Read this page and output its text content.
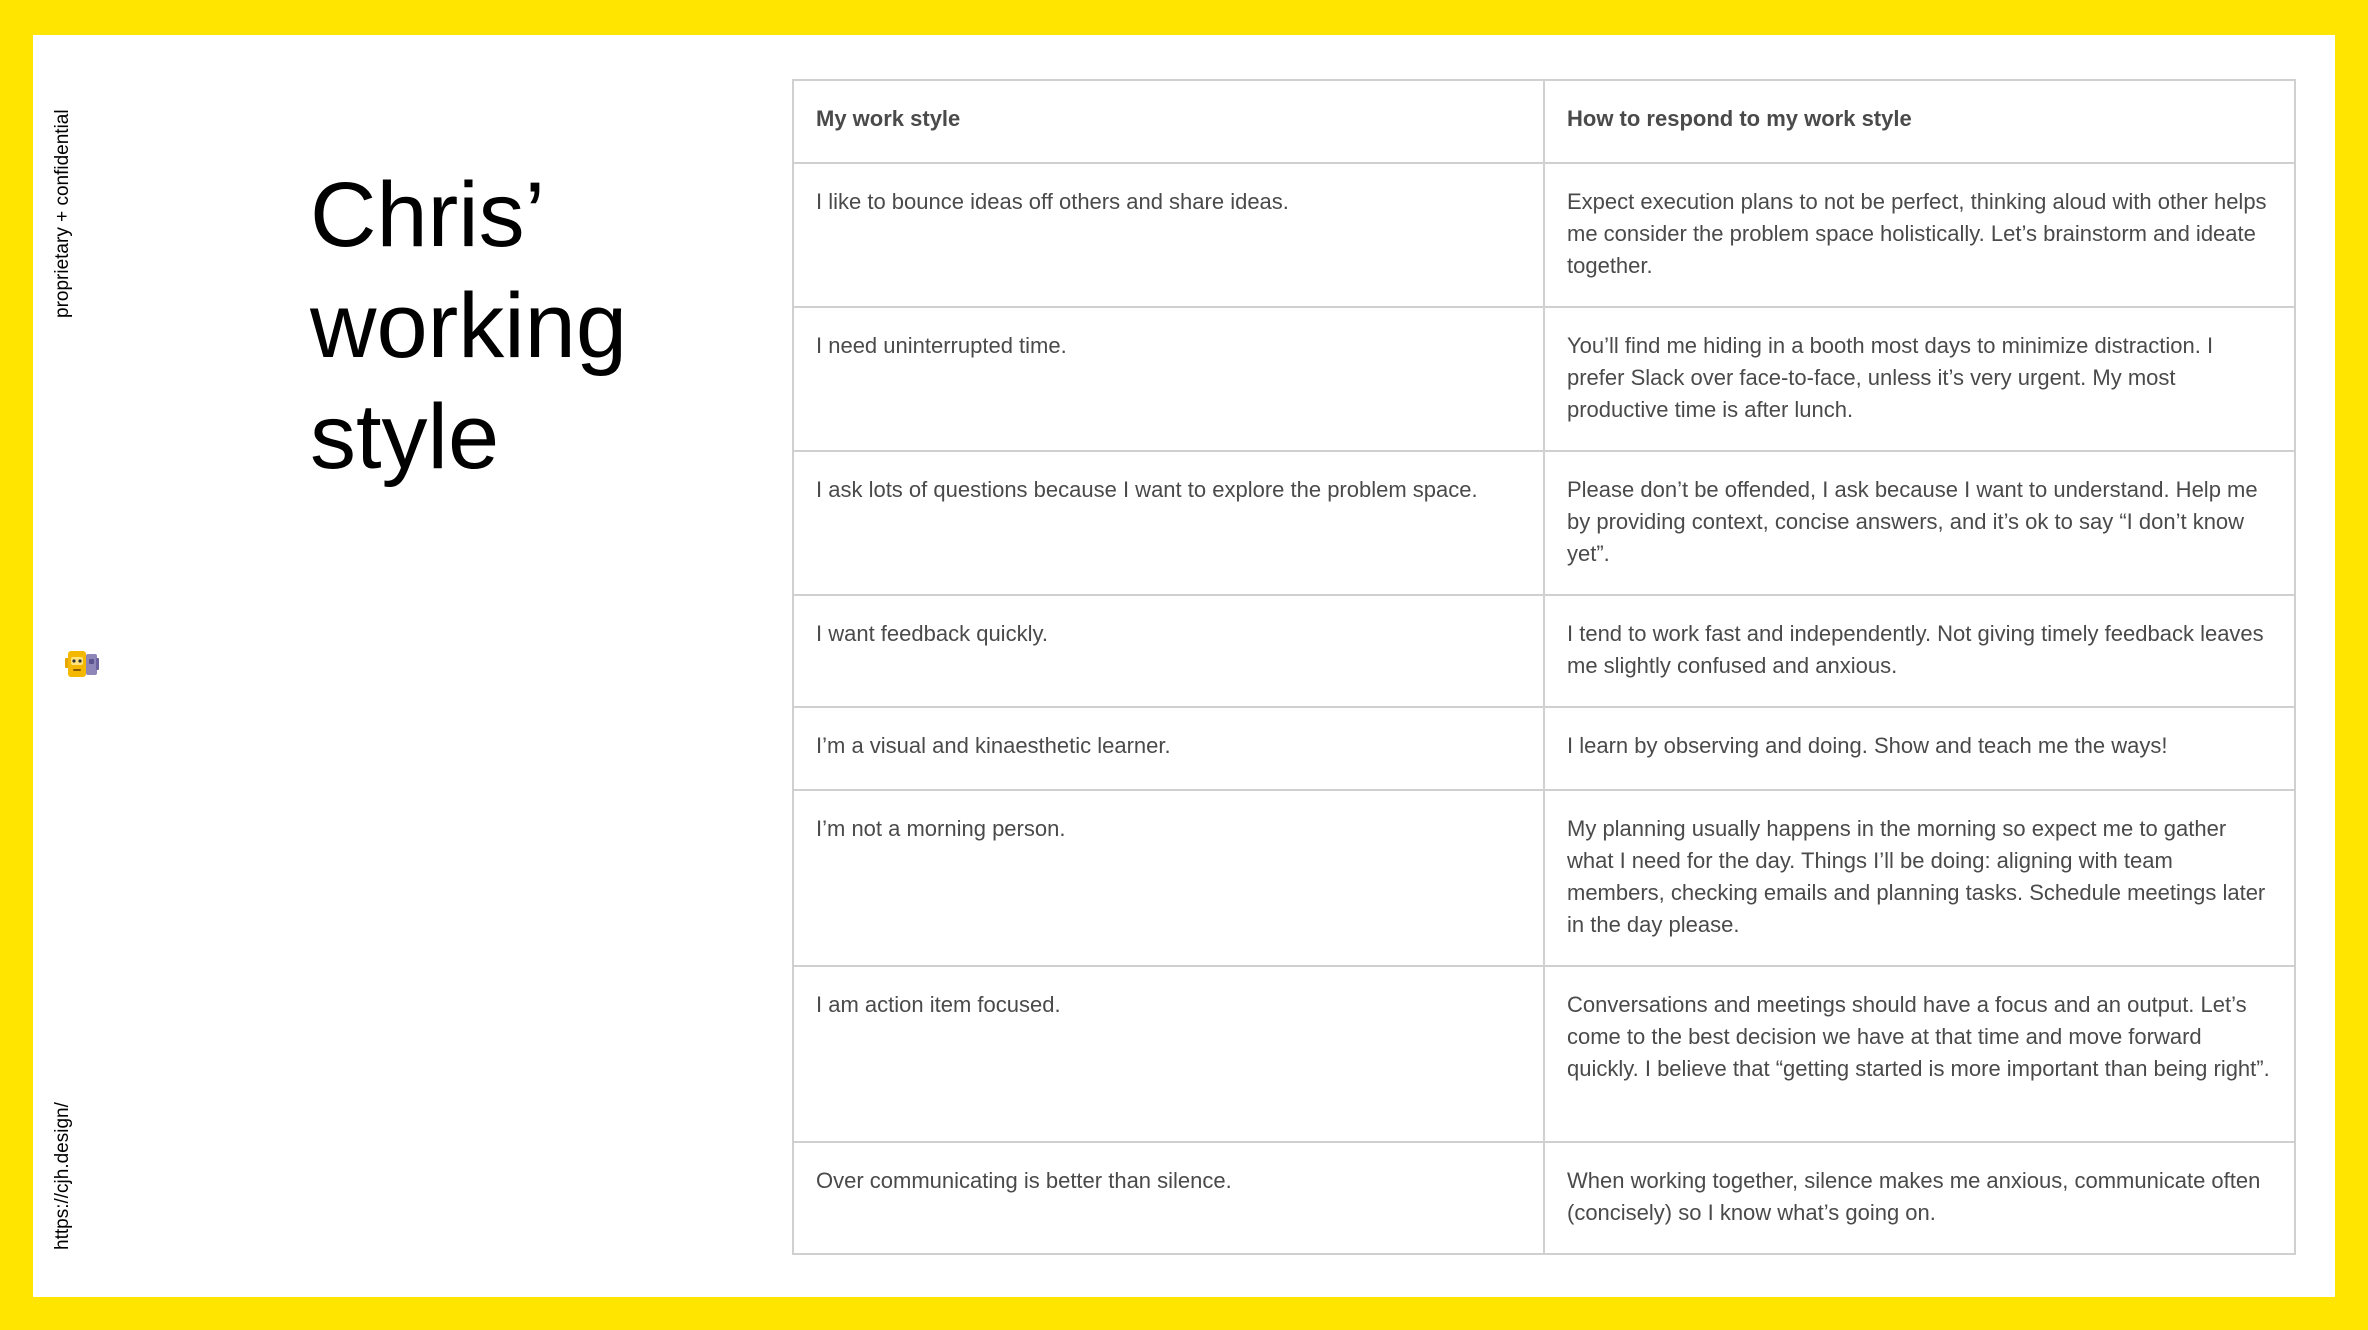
proprietary + confidential
https://cjh.design/
Chris’
working
style
My work style	How to respond to my work style
I like to bounce ideas off others and share ideas.	Expect execution plans to not be perfect, thinking aloud with other helps me consider the problem space holistically. Let’s brainstorm and ideate together.
I need uninterrupted time.	You’ll find me hiding in a booth most days to minimize distraction. I prefer Slack over face-to-face, unless it’s very urgent. My most productive time is after lunch.
I ask lots of questions because I want to explore the problem space.	Please don’t be offended, I ask because I want to understand. Help me by providing context, concise answers, and it’s ok to say “I don’t know yet”.
I want feedback quickly.	I tend to work fast and independently. Not giving timely feedback leaves me slightly confused and anxious.
I’m a visual and kinaesthetic learner.	I learn by observing and doing. Show and teach me the ways!
I’m not a morning person.	My planning usually happens in the morning so expect me to gather what I need for the day. Things I’ll be doing: aligning with team members, checking emails and planning tasks. Schedule meetings later in the day please.
I am action item focused.	Conversations and meetings should have a focus and an output. Let’s come to the best decision we have at that time and move forward quickly. I believe that “getting started is more important than being right”.
Over communicating is better than silence.	When working together, silence makes me anxious, communicate often (concisely) so I know what’s going on.
